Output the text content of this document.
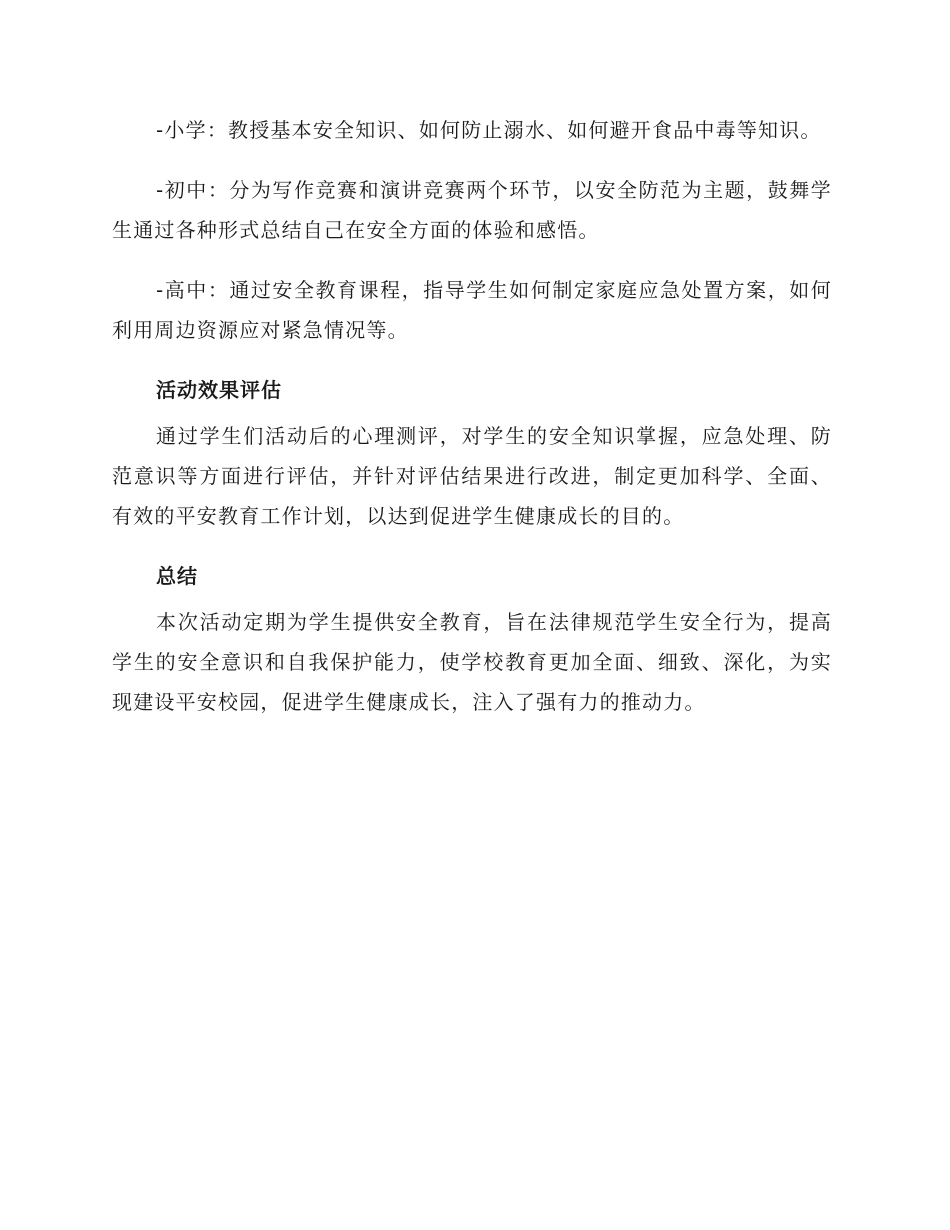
-小学：教授基本安全知识、如何防止溺水、如何避开食品中毒等知识。

-初中：分为写作竞赛和演讲竞赛两个环节，以安全防范为主题，鼓舞学生通过各种形式总结自己在安全方面的体验和感悟。

-高中：通过安全教育课程，指导学生如何制定家庭应急处置方案，如何利用周边资源应对紧急情况等。

活动效果评估

通过学生们活动后的心理测评，对学生的安全知识掌握，应急处理、防范意识等方面进行评估，并针对评估结果进行改进，制定更加科学、全面、有效的平安教育工作计划，以达到促进学生健康成长的目的。

总结

本次活动定期为学生提供安全教育，旨在法律规范学生安全行为，提高学生的安全意识和自我保护能力，使学校教育更加全面、细致、深化，为实现建设平安校园，促进学生健康成长，注入了强有力的推动力。
